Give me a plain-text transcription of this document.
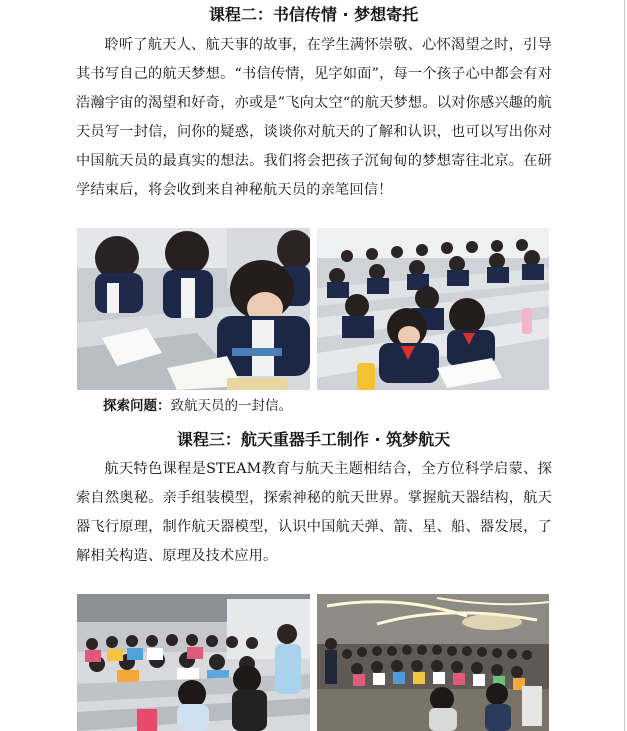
课程二：书信传情 · 梦想寄托

聆听了航天人、航天事的故事，在学生满怀崇敬、心怀渴望之时，引导其书写自己的航天梦想。“书信传情，见字如面”，每一个孩子心中都会有对浩瀚宇宙的渴望和好奇，亦或是”飞向太空“的航天梦想。以对你感兴趣的航天员写一封信，问你的疑惑，谈谈你对航天的了解和认识，也可以写出你对中国航天员的最真实的想法。我们将会把孩子沉甸甸的梦想寄往北京。在研学结束后，将会收到来自神秘航天员的亲笔回信！

探索问题：致航天员的一封信。
课程三：航天重器手工制作 · 筑梦航天

航天特色课程是STEAM教育与航天主题相结合，全方位科学启蒙、探索自然奥秘。亲手组装模型，探索神秘的航天世界。掌握航天器结构，航天器飞行原理，制作航天器模型，认识中国航天弹、箭、星、船、器发展，了解相关构造、原理及技术应用。
